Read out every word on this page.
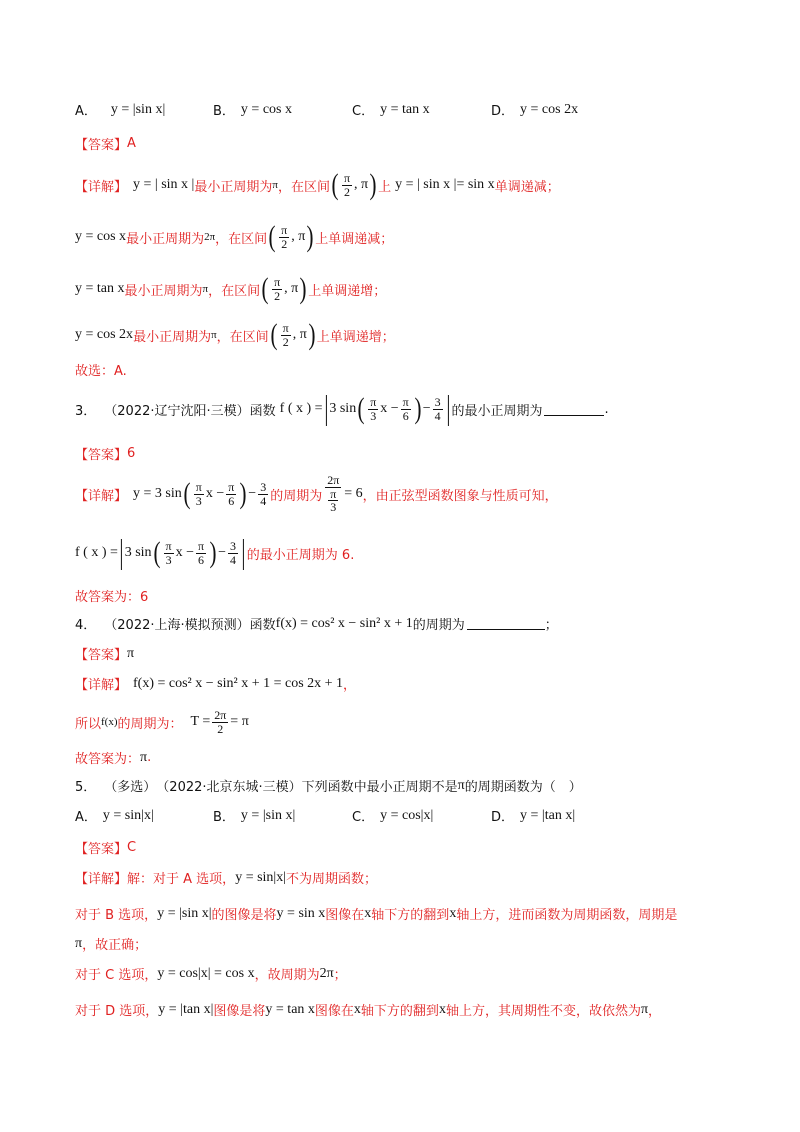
A． y = |sin x|	B． y = cos x	C． y = tan x	D． y = cos 2x
【答案】 A
【详解】 y = | sin x | 最小正周期为 π ，在区间 ( $\frac{\pi}{2}$ , π ) 上 y = | sin x |= sin x 单调递减；
y = cos x 最小正周期为 2π ，在区间 ( $\frac{\pi}{2}$ , π ) 上单调递减；
y = tan x 最小正周期为 π ，在区间 ( $\frac{\pi}{2}$ , π ) 上单调递增；
y = cos 2x 最小正周期为 π ，在区间 ( $\frac{\pi}{2}$ , π ) 上单调递增；
故选：A.
3． （2022·辽宁沈阳·三模） 函数 f ( x ) = | 3 sin ( $\frac{\pi}{3}$ $x - \frac{\pi}{6}$ ) − $\frac{3}{4}$ | 的最小正周期为	.
【答案】 6
【详解】 y = 3 sin ( $\frac{\pi}{3}$ $x - \frac{\pi}{6}$ ) − $\frac{3}{4}$ 的周期为 $\frac{2\pi}{\frac{\pi}{3}} = 6$ ，由正弦型函数图象与性质可知，
f ( x ) = | 3 sin ( $\frac{\pi}{3}$ $x - \frac{\pi}{6}$ ) − $\frac{3}{4}$ | 的最小正周期为 6.
故答案为：6
4． （2022·上海·模拟预测） 函数 f(x) = cos² x − sin² x + 1 的周期为	；
【答案】 π
【详解】 f(x) = cos² x − sin² x + 1 = cos 2x + 1 ，
所以 f(x) 的周期为： $T = \frac{2\pi}{2} = \pi$
故答案为： π .
5． （多选） （2022·北京东城·三模） 下列函数中最小正周期不是 π 的周期函数为（　）
A． y = sin|x|	B． y = |sin x|	C． y = cos|x|	D． y = |tan x|
【答案】 C
【详解】 解：对于 A 选项， y = sin|x| 不为周期函数；
对于 B 选项， y = |sin x| 的图像是将 y = sin x 图像在 x 轴下方的翻到 x 轴上方，进而函数为周期函数，周期是
π ，故正确；
对于 C 选项， y = cos|x| = cos x ，故周期为 2π ；
对于 D 选项， y = |tan x| 图像是将 y = tan x 图像在 x 轴下方的翻到 x 轴上方，其周期性不变，故依然为 π ，
